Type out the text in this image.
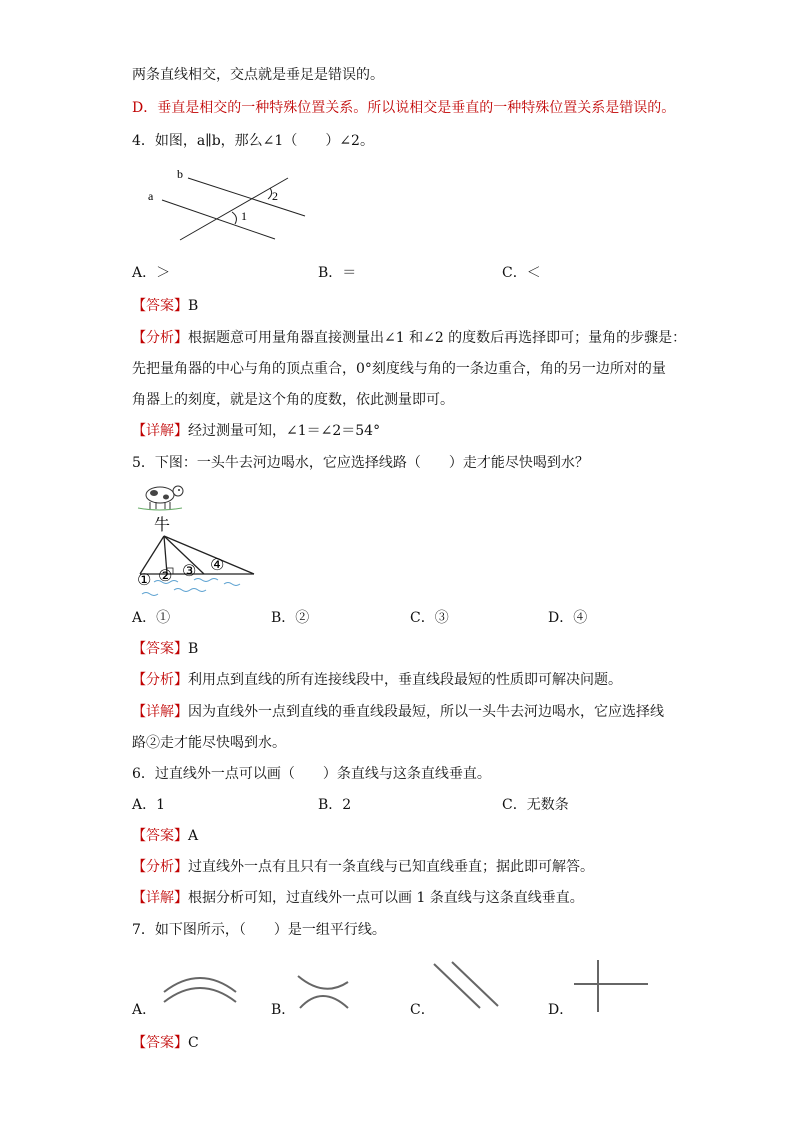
两条直线相交，交点就是垂足是错误的。
D．垂直是相交的一种特殊位置关系。所以说相交是垂直的一种特殊位置关系是错误的。
4．如图，a∥b，那么∠1（　　）∠2。
b
a	2
1
A．＞	B．＝	C．＜
【答案】B
【分析】根据题意可用量角器直接测量出∠1 和∠2 的度数后再选择即可；量角的步骤是：
先把量角器的中心与角的顶点重合，0°刻度线与角的一条边重合，角的另一边所对的量
角器上的刻度，就是这个角的度数，依此测量即可。
【详解】经过测量可知，∠1＝∠2＝54°
5．下图：一头牛去河边喝水，它应选择线路（　　）走才能尽快喝到水？
牛
① ② ③ ④
A．①	B．②	C．③	D．④
【答案】B
【分析】利用点到直线的所有连接线段中，垂直线段最短的性质即可解决问题。
【详解】因为直线外一点到直线的垂直线段最短，所以一头牛去河边喝水，它应选择线
路②走才能尽快喝到水。
6．过直线外一点可以画（　　）条直线与这条直线垂直。
A．1	B．2	C．无数条
【答案】A
【分析】过直线外一点有且只有一条直线与已知直线垂直；据此即可解答。
【详解】根据分析可知，过直线外一点可以画 1 条直线与这条直线垂直。
7．如下图所示，（　　）是一组平行线。
A．	B．	C．	D．
【答案】C
